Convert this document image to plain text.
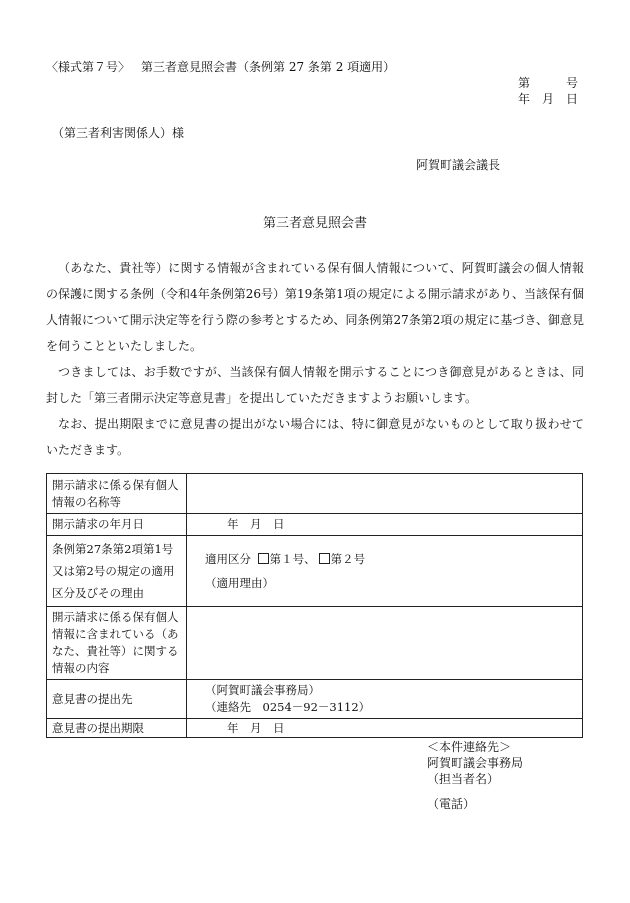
〈様式第７号〉 第三者意見照会書（条例第 27 条第 2 項適用）
第　　　号
年　月　日
（第三者利害関係人）様
阿賀町議会議長
第三者意見照会書

（あなた、貴社等）に関する情報が含まれている保有個人情報について、阿賀町議会の個人情報の保護に関する条例（令和4年条例第26号）第19条第1項の規定による開示請求があり、当該保有個人情報について開示決定等を行う際の参考とするため、同条例第27条第2項の規定に基づき、御意見を伺うことといたしました。

つきましては、お手数ですが、当該保有個人情報を開示することにつき御意見があるときは、同封した「第三者開示決定等意見書」を提出していただきますようお願いします。

なお、提出期限までに意見書の提出がない場合には、特に御意見がないものとして取り扱わせていただきます。

開示請求に係る保有個人情報の名称等	
開示請求の年月日	年　月　日
条例第27条第2項第1号又は第2号の規定の適用区分及びその理由	適用区分 第１号、 第２号
（適用理由）

開示請求に係る保有個人情報に含まれている（あなた、貴社等）に関する情報の内容	
意見書の提出先	（阿賀町議会事務局）
（連絡先　0254－92－3112）

意見書の提出期限	年　月　日
＜本件連絡先＞
阿賀町議会事務局
（担当者名）
（電話）
